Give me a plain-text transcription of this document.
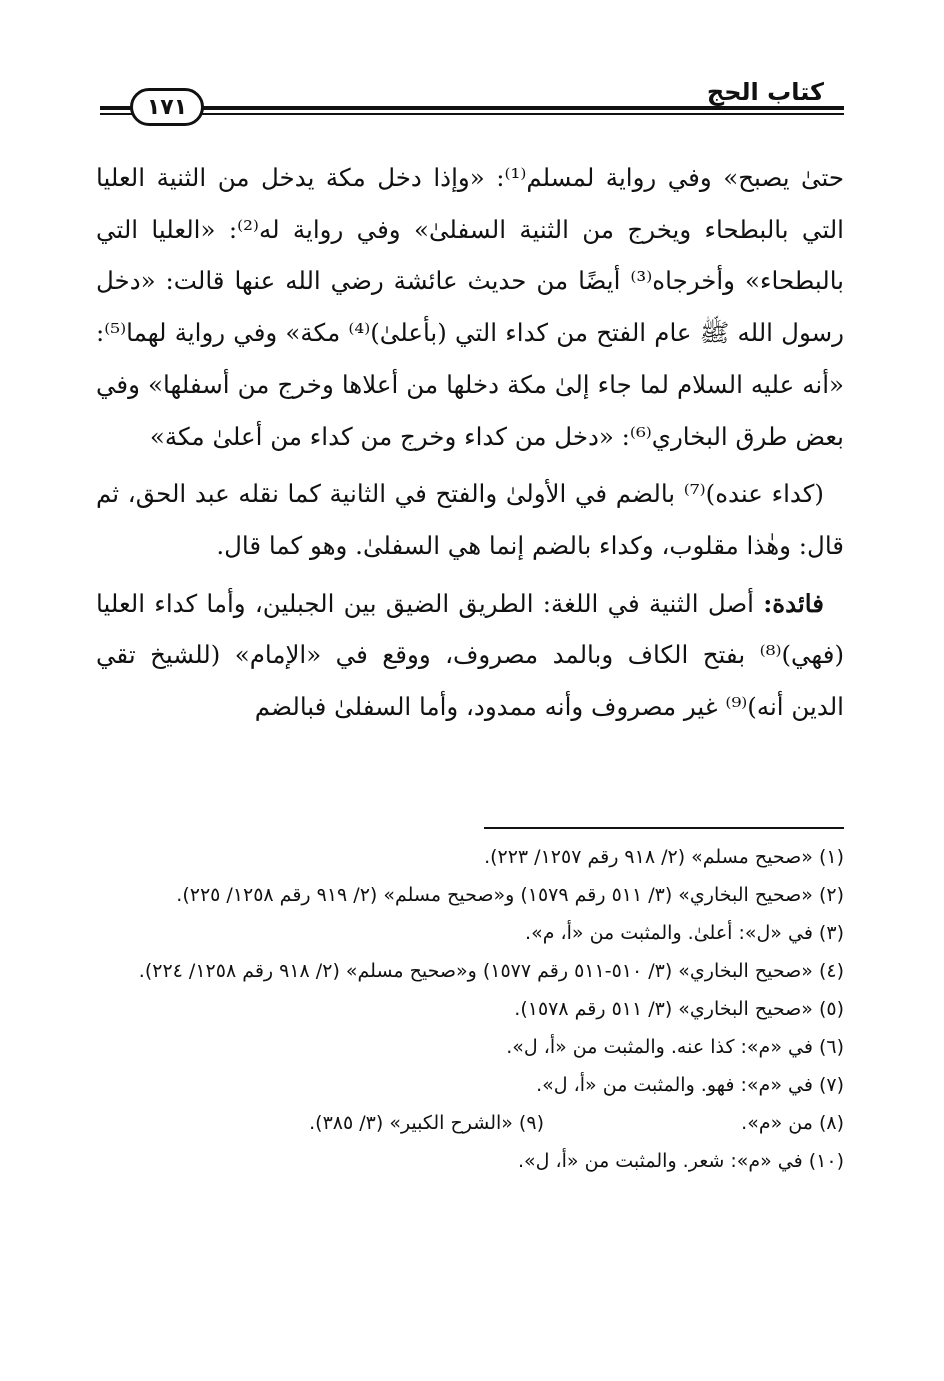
١٧١
كتاب الحج

حتىٰ يصبح» وفي رواية لمسلم⁽¹⁾: «وإذا دخل مكة يدخل من الثنية العليا التي بالبطحاء ويخرج من الثنية السفلىٰ» وفي رواية له⁽²⁾: «العليا التي بالبطحاء» وأخرجاه⁽³⁾ أيضًا من حديث عائشة رضي الله عنها قالت: «دخل رسول الله ﷺ عام الفتح من كداء التي (بأعلىٰ)⁽⁴⁾ مكة» وفي رواية لهما⁽⁵⁾: «أنه عليه السلام لما جاء إلىٰ مكة دخلها من أعلاها وخرج من أسفلها» وفي بعض طرق البخاري⁽⁶⁾: «دخل من كداء وخرج من كداء من أعلىٰ مكة»

(كداء عنده)⁽⁷⁾ بالضم في الأولىٰ والفتح في الثانية كما نقله عبد الحق، ثم قال: وهٰذا مقلوب، وكداء بالضم إنما هي السفلىٰ. وهو كما قال.

فائدة: أصل الثنية في اللغة: الطريق الضيق بين الجبلين، وأما كداء العليا (فهي)⁽⁸⁾ بفتح الكاف وبالمد مصروف، ووقع في «الإمام» (للشيخ تقي الدين أنه)⁽⁹⁾ غير مصروف وأنه ممدود، وأما السفلىٰ فبالضم

(١) «صحيح مسلم» (٢/ ٩١٨ رقم ١٢٥٧/ ٢٢٣).

(٢) «صحيح البخاري» (٣/ ٥١١ رقم ١٥٧٩) و«صحيح مسلم» (٢/ ٩١٩ رقم ١٢٥٨/ ٢٢٥).

(٣) في «ل»: أعلىٰ. والمثبت من «أ، م».

(٤) «صحيح البخاري» (٣/ ٥١٠-٥١١ رقم ١٥٧٧) و«صحيح مسلم» (٢/ ٩١٨ رقم ١٢٥٨/ ٢٢٤).

(٥) «صحيح البخاري» (٣/ ٥١١ رقم ١٥٧٨).

(٦) في «م»: كذا عنه. والمثبت من «أ، ل».

(٧) في «م»: فهو. والمثبت من «أ، ل».

(٨) من «م».
(٩) «الشرح الكبير» (٣/ ٣٨٥).

(١٠) في «م»: شعر. والمثبت من «أ، ل».
